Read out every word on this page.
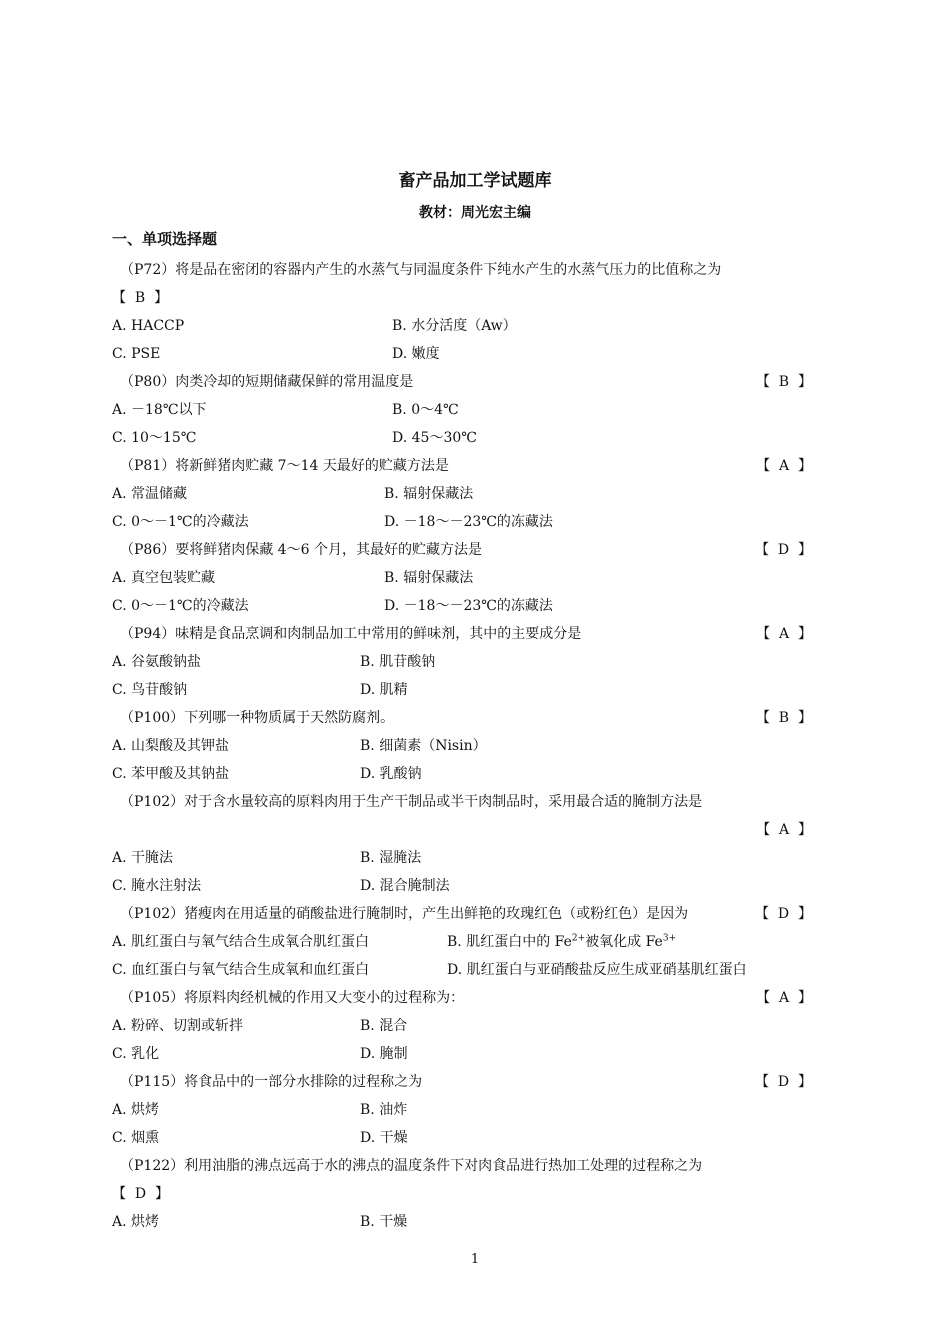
畜产品加工学试题库
教材：周光宏主编
一、单项选择题
（P72）将是品在密闭的容器内产生的水蒸气与同温度条件下纯水产生的水蒸气压力的比值称之为
【  B  】
A. HACCP	B. 水分活度（Aw）
C. PSE	D. 嫩度
（P80）肉类冷却的短期储藏保鲜的常用温度是	【  B  】
A. －18℃以下	B. 0～4℃
C. 10～15℃	D. 45～30℃
（P81）将新鲜猪肉贮藏 7～14 天最好的贮藏方法是	【  A  】
A. 常温储藏	B. 辐射保藏法
C. 0～－1℃的冷藏法	D. －18～－23℃的冻藏法
（P86）要将鲜猪肉保藏 4～6 个月，其最好的贮藏方法是	【  D  】
A. 真空包装贮藏	B. 辐射保藏法
C. 0～－1℃的冷藏法	D. －18～－23℃的冻藏法
（P94）味精是食品烹调和肉制品加工中常用的鲜味剂，其中的主要成分是	【  A  】
A. 谷氨酸钠盐	B. 肌苷酸钠
C. 鸟苷酸钠	D. 肌精
（P100）下列哪一种物质属于天然防腐剂。	【  B  】
A. 山梨酸及其钾盐	B. 细菌素（Nisin）
C. 苯甲酸及其钠盐	D. 乳酸钠
（P102）对于含水量较高的原料肉用于生产干制品或半干肉制品时，采用最合适的腌制方法是
【  A  】
A. 干腌法	B. 湿腌法
C. 腌水注射法	D. 混合腌制法
（P102）猪瘦肉在用适量的硝酸盐进行腌制时，产生出鲜艳的玫瑰红色（或粉红色）是因为	【  D  】
A. 肌红蛋白与氧气结合生成氧合肌红蛋白	B. 肌红蛋白中的 $Fe^{2+}$被氧化成 $Fe^{3+}$
C. 血红蛋白与氧气结合生成氧和血红蛋白	D. 肌红蛋白与亚硝酸盐反应生成亚硝基肌红蛋白
（P105）将原料肉经机械的作用又大变小的过程称为：	【  A  】
A. 粉碎、切割或斩拌	B. 混合
C. 乳化	D. 腌制
（P115）将食品中的一部分水排除的过程称之为	【  D  】
A. 烘烤	B. 油炸
C. 烟熏	D. 干燥
（P122）利用油脂的沸点远高于水的沸点的温度条件下对肉食品进行热加工处理的过程称之为
【  D  】
A. 烘烤	B. 干燥
1
